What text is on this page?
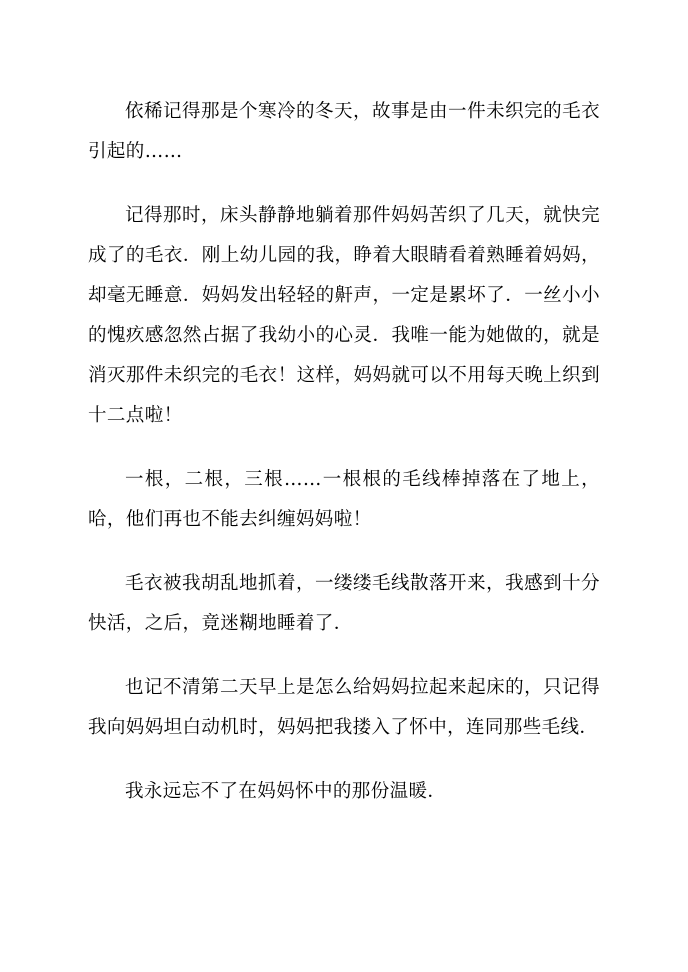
依稀记得那是个寒冷的冬天，故事是由一件未织完的毛衣引起的……

记得那时，床头静静地躺着那件妈妈苦织了几天，就快完成了的毛衣．刚上幼儿园的我，睁着大眼睛看着熟睡着妈妈，却毫无睡意．妈妈发出轻轻的鼾声，一定是累坏了．一丝小小的愧疚感忽然占据了我幼小的心灵．我唯一能为她做的，就是消灭那件未织完的毛衣！这样，妈妈就可以不用每天晚上织到十二点啦！

一根，二根，三根……一根根的毛线棒掉落在了地上，哈，他们再也不能去纠缠妈妈啦！

毛衣被我胡乱地抓着，一缕缕毛线散落开来，我感到十分快活，之后，竟迷糊地睡着了．

也记不清第二天早上是怎么给妈妈拉起来起床的，只记得我向妈妈坦白动机时，妈妈把我搂入了怀中，连同那些毛线．

我永远忘不了在妈妈怀中的那份温暖．
